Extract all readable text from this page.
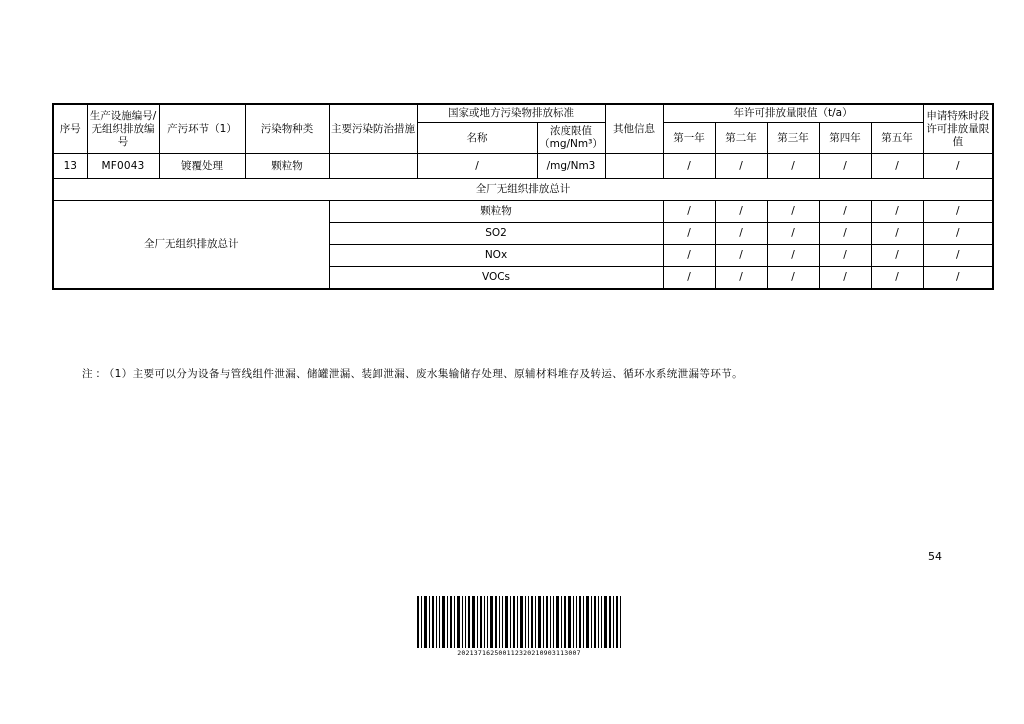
序号	生产设施编号/无组织排放编号	产污环节（1）	污染物种类	主要污染防治措施	国家或地方污染物排放标准		其他信息	年许可排放量限值（t/a）					申请特殊时段许可排放量限值
					名称	浓度限值（mg/Nm³）		第一年	第二年	第三年	第四年	第五年	

13	MF0043	镀覆处理	颗粒物		/	/mg/Nm3		/	/	/	/	/	/
全厂无组织排放总计													
全厂无组织排放总计				颗粒物				/	/	/	/	/	/
				SO2				/	/	/	/	/	/
				NOx				/	/	/	/	/	/
				VOCs				/	/	/	/	/	/
注：（1）主要可以分为设备与管线组件泄漏、储罐泄漏、装卸泄漏、废水集输储存处理、原辅材料堆存及转运、循环水系统泄漏等环节。
54
202137162500112320210903113007
